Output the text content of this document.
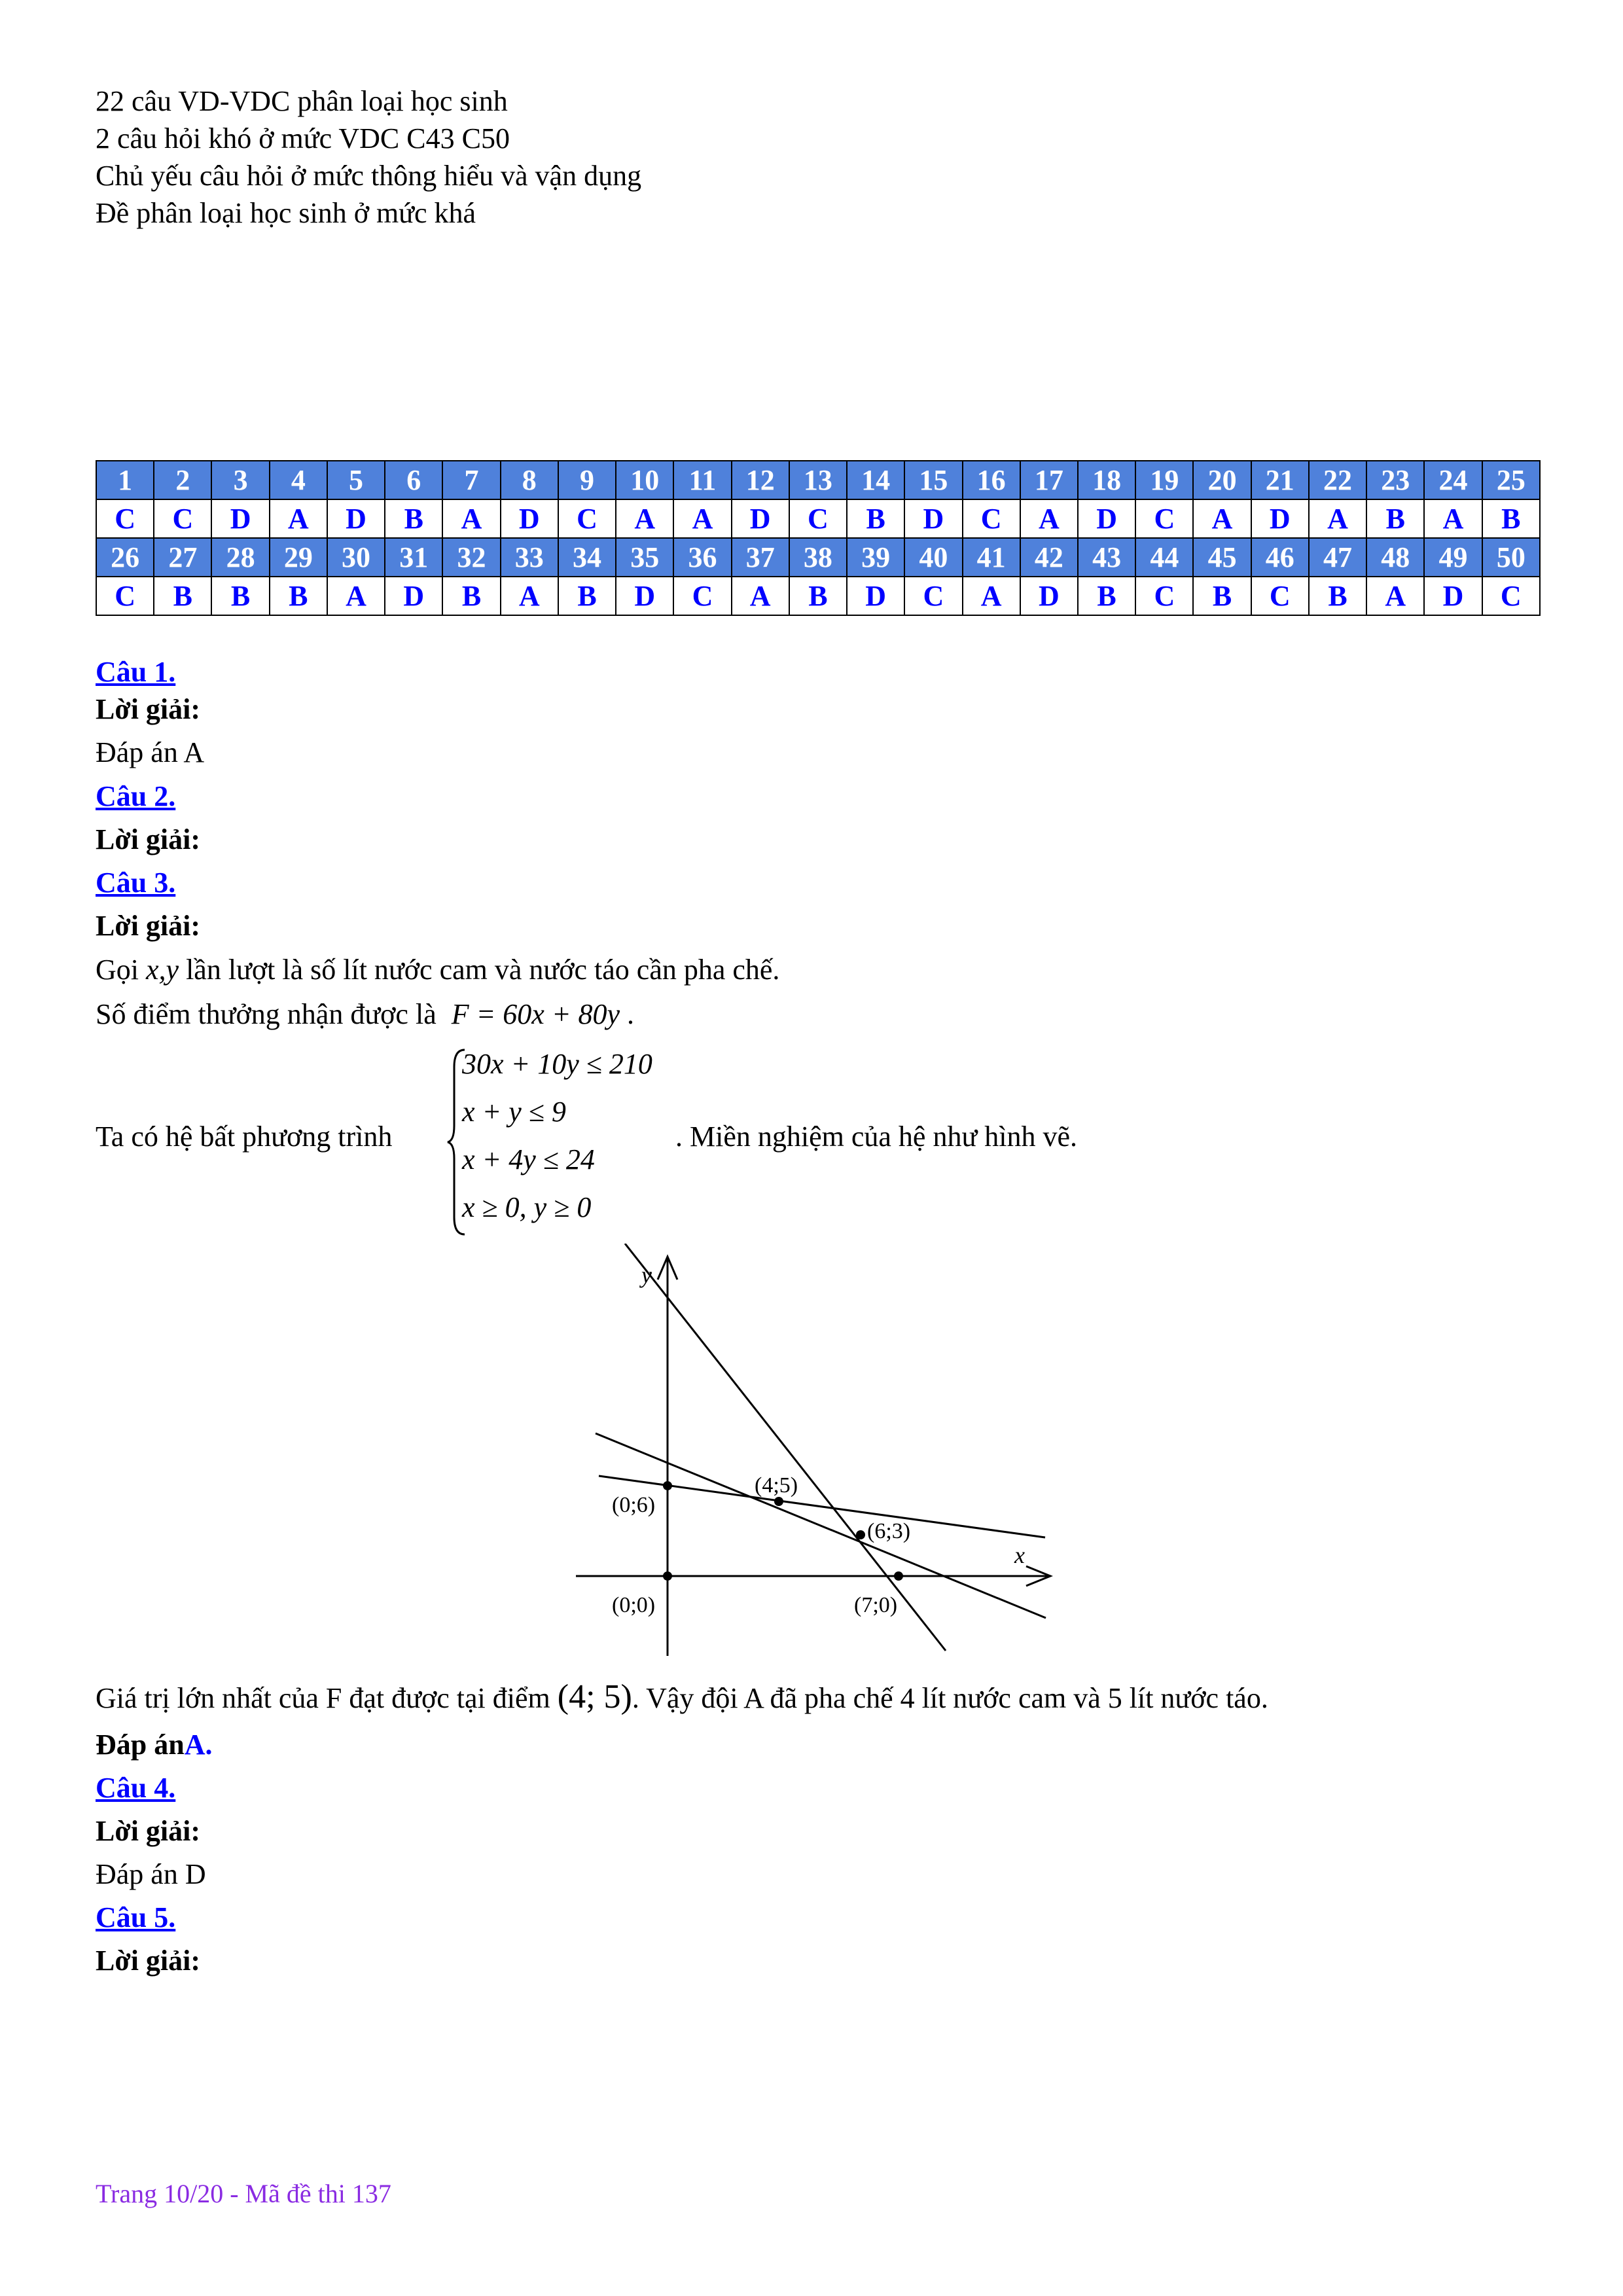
22 câu VD-VDC phân loại học sinh
2 câu hỏi khó ở mức VDC C43 C50
Chủ yếu câu hỏi ở mức thông hiểu và vận dụng
Đề phân loại học sinh ở mức khá
1	2	3	4	5	6	7	8	9	10	11	12	13	14	15	16	17	18	19	20	21	22	23	24	25
C	C	D	A	D	B	A	D	C	A	A	D	C	B	D	C	A	D	C	A	D	A	B	A	B
26	27	28	29	30	31	32	33	34	35	36	37	38	39	40	41	42	43	44	45	46	47	48	49	50
C	B	B	B	A	D	B	A	B	D	C	A	B	D	C	A	D	B	C	B	C	B	A	D	C
Câu 1.
Lời giải:
Đáp án A
Câu 2.
Lời giải:
Câu 3.
Lời giải:
Gọi x,y lần lượt là số lít nước cam và nước táo cần pha chế.
Số điểm thưởng nhận được là F = 60x + 80y .
Ta có hệ bất phương trình
30x + 10y ≤ 210
x + y ≤ 9
x + 4y ≤ 24
x ≥ 0, y ≥ 0
. Miền nghiệm của hệ như hình vẽ.
y
x
(0;6)
(4;5)
(6;3)
(0;0)	(7;0)
Giá trị lớn nhất của F đạt được tại điểm (4; 5). Vậy đội A đã pha chế 4 lít nước cam và 5 lít nước táo.
Đáp ánA.
Câu 4.
Lời giải:
Đáp án D
Câu 5.
Lời giải:
Trang 10/20 - Mã đề thi 137
